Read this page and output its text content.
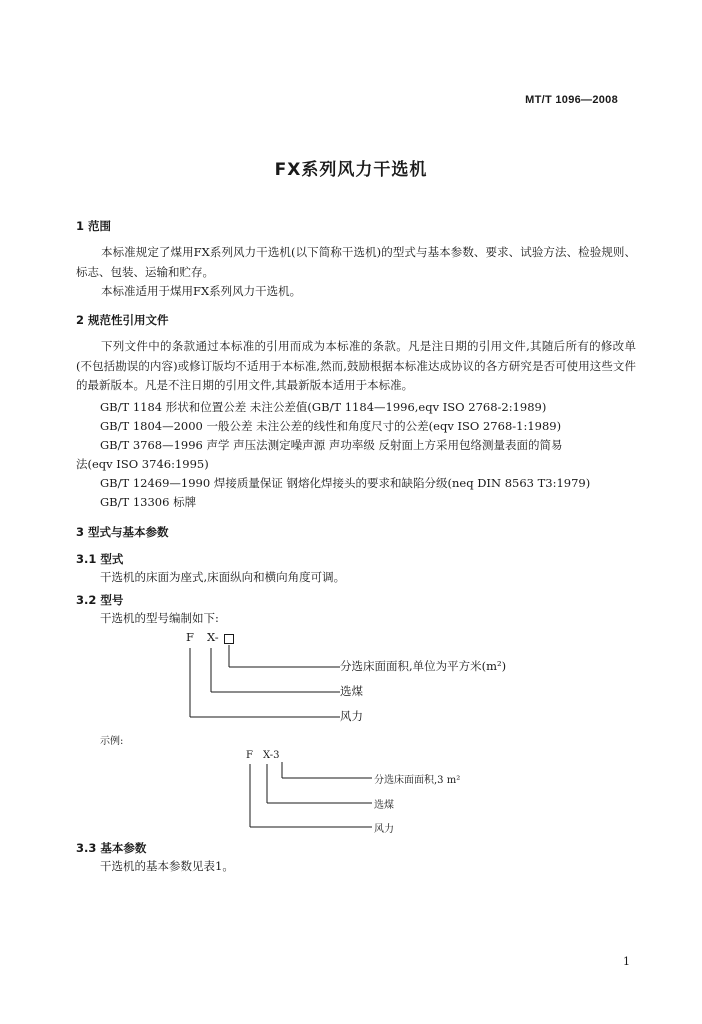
MT/T 1096—2008
FX系列风力干选机
1 范围
本标准规定了煤用FX系列风力干选机(以下简称干选机)的型式与基本参数、要求、试验方法、检验规则、标志、包装、运输和贮存。
本标准适用于煤用FX系列风力干选机。
2 规范性引用文件
下列文件中的条款通过本标准的引用而成为本标准的条款。凡是注日期的引用文件,其随后所有的修改单(不包括勘误的内容)或修订版均不适用于本标准,然而,鼓励根据本标准达成协议的各方研究是否可使用这些文件的最新版本。凡是不注日期的引用文件,其最新版本适用于本标准。
GB/T 1184 形状和位置公差 未注公差值(GB/T 1184—1996,eqv ISO 2768-2:1989)
GB/T 1804—2000 一般公差 未注公差的线性和角度尺寸的公差(eqv ISO 2768-1:1989)
GB/T 3768—1996 声学 声压法测定噪声源 声功率级 反射面上方采用包络测量表面的简易
法(eqv ISO 3746:1995)
GB/T 12469—1990 焊接质量保证 钢熔化焊接头的要求和缺陷分级(neq DIN 8563 T3:1979)
GB/T 13306 标牌
3 型式与基本参数
3.1 型式
干选机的床面为座式,床面纵向和横向角度可调。
3.2 型号
干选机的型号编制如下:
F X-
分选床面面积,单位为平方米(m²)
选煤
风力
示例:
F X-3
分选床面面积,3 m²
选煤
风力
3.3 基本参数
干选机的基本参数见表1。
1
